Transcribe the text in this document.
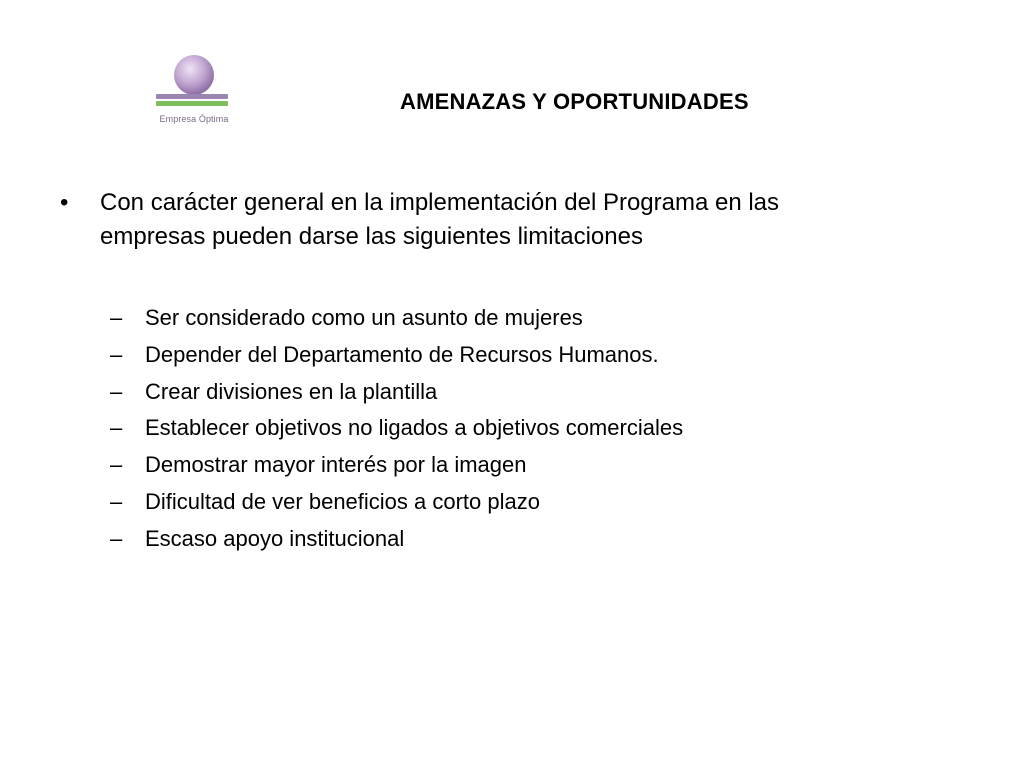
Empresa Óptima
AMENAZAS Y OPORTUNIDADES
•	Con carácter general en la implementación del Programa en las empresas pueden darse las siguientes limitaciones
– Ser considerado como un asunto de mujeres
– Depender del Departamento de Recursos Humanos.
– Crear divisiones en la plantilla
– Establecer objetivos no ligados a objetivos comerciales
– Demostrar mayor interés por la imagen
– Dificultad de ver beneficios a corto plazo
– Escaso apoyo institucional
